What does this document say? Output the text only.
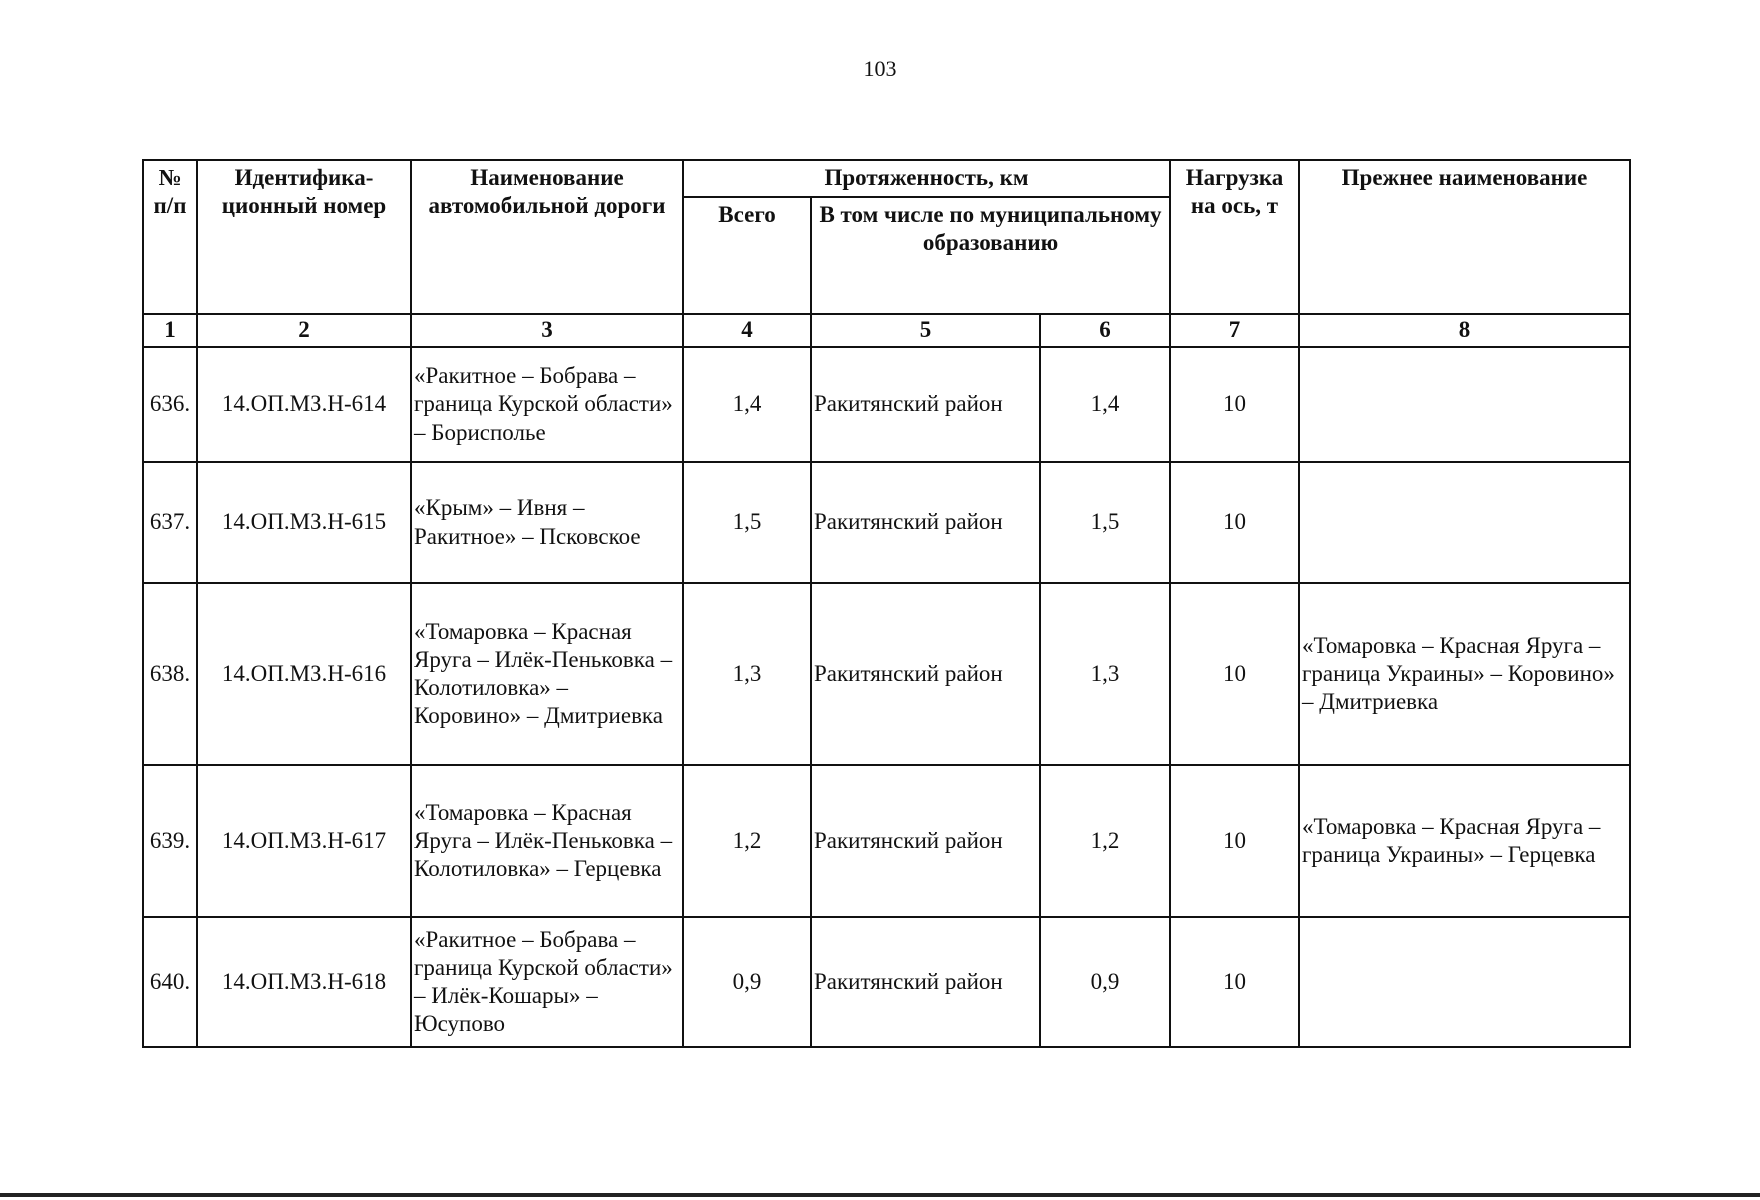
103
№ п/п	Идентифика-ционный номер	Наименование автомобильной дороги	Протяженность, км			Нагрузка на ось, т	Прежнее наименование
			Всего	В том числе по муниципальному образованию			
1	2	3	4	5	6	7	8
636.	14.ОП.МЗ.Н-614	«Ракитное – Бобрава – граница Курской области» – Борисполье	1,4	Ракитянский район	1,4	10	
637.	14.ОП.МЗ.Н-615	«Крым» – Ивня – Ракитное» – Псковское	1,5	Ракитянский район	1,5	10	
638.	14.ОП.МЗ.Н-616	«Томаровка – Красная Яруга – Илёк-Пеньковка – Колотиловка» – Коровино» – Дмитриевка	1,3	Ракитянский район	1,3	10	«Томаровка – Красная Яруга – граница Украины» – Коровино» – Дмитриевка
639.	14.ОП.МЗ.Н-617	«Томаровка – Красная Яруга – Илёк-Пеньковка – Колотиловка» – Герцевка	1,2	Ракитянский район	1,2	10	«Томаровка – Красная Яруга – граница Украины» – Герцевка
640.	14.ОП.МЗ.Н-618	«Ракитное – Бобрава – граница Курской области» – Илёк-Кошары» – Юсупово	0,9	Ракитянский район	0,9	10	
